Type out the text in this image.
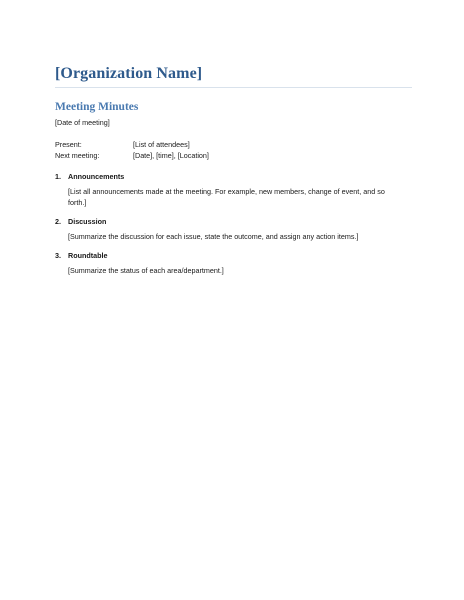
[Organization Name]
Meeting Minutes

[Date of meeting]

Present:	[List of attendees]
Next meeting:	[Date], [time], [Location]
1. Announcements

[List all announcements made at the meeting. For example, new members, change of event, and so forth.]

2. Discussion

[Summarize the discussion for each issue, state the outcome, and assign any action items.]

3. Roundtable

[Summarize the status of each area/department.]
